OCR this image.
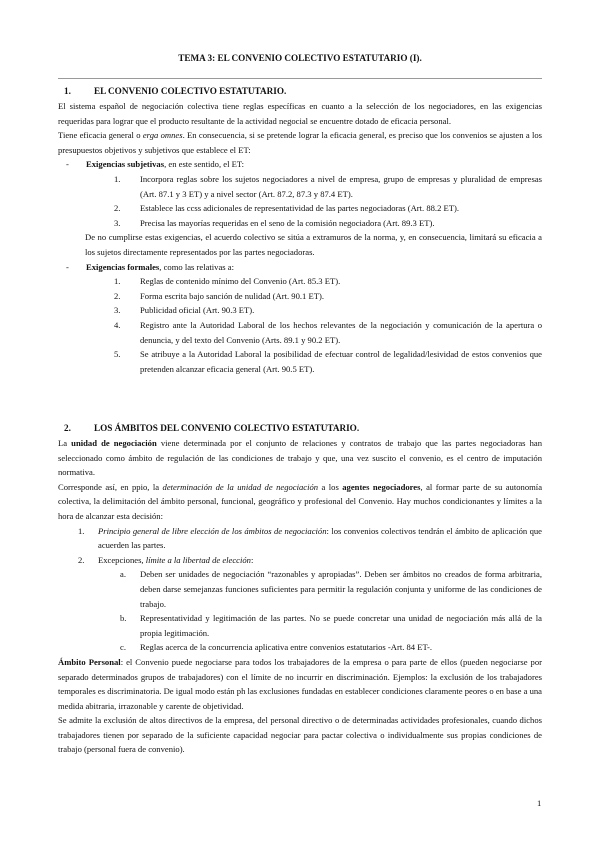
TEMA 3: EL CONVENIO COLECTIVO ESTATUTARIO (I).
1.	EL CONVENIO COLECTIVO ESTATUTARIO.

El sistema español de negociación colectiva tiene reglas específicas en cuanto a la selección de los negociadores, en las exigencias requeridas para lograr que el producto resultante de la actividad negocial se encuentre dotado de eficacia personal.

Tiene eficacia general o erga omnes. En consecuencia, si se pretende lograr la eficacia general, es preciso que los convenios se ajusten a los presupuestos objetivos y subjetivos que establece el ET:

- Exigencias subjetivas, en este sentido, el ET:

1. Incorpora reglas sobre los sujetos negociadores a nivel de empresa, grupo de empresas y pluralidad de empresas (Art. 87.1 y 3 ET) y a nivel sector (Art. 87.2, 87.3 y 87.4 ET).

2. Establece las ccss adicionales de representatividad de las partes negociadoras (Art. 88.2 ET).

3. Precisa las mayorías requeridas en el seno de la comisión negociadora (Art. 89.3 ET).

De no cumplirse estas exigencias, el acuerdo colectivo se sitúa a extramuros de la norma, y, en consecuencia, limitará su eficacia a los sujetos directamente representados por las partes negociadoras.

- Exigencias formales, como las relativas a:

1. Reglas de contenido mínimo del Convenio (Art. 85.3 ET).

2. Forma escrita bajo sanción de nulidad (Art. 90.1 ET).

3. Publicidad oficial (Art. 90.3 ET).

4. Registro ante la Autoridad Laboral de los hechos relevantes de la negociación y comunicación de la apertura o denuncia, y del texto del Convenio (Arts. 89.1 y 90.2 ET).

5. Se atribuye a la Autoridad Laboral la posibilidad de efectuar control de legalidad/lesividad de estos convenios que pretenden alcanzar eficacia general (Art. 90.5 ET).

2.	LOS ÁMBITOS DEL CONVENIO COLECTIVO ESTATUTARIO.

La unidad de negociación viene determinada por el conjunto de relaciones y contratos de trabajo que las partes negociadoras han seleccionado como ámbito de regulación de las condiciones de trabajo y que, una vez suscito el convenio, es el centro de imputación normativa.

Corresponde así, en ppio, la determinación de la unidad de negociación a los agentes negociadores, al formar parte de su autonomía colectiva, la delimitación del ámbito personal, funcional, geográfico y profesional del Convenio. Hay muchos condicionantes y límites a la hora de alcanzar esta decisión:

1. Principio general de libre elección de los ámbitos de negociación: los convenios colectivos tendrán el ámbito de aplicación que acuerden las partes.

2. Excepciones, límite a la libertad de elección:

a. Deben ser unidades de negociación “razonables y apropiadas”. Deben ser ámbitos no creados de forma arbitraria, deben darse semejanzas funciones suficientes para permitir la regulación conjunta y uniforme de las condiciones de trabajo.

b. Representatividad y legitimación de las partes. No se puede concretar una unidad de negociación más allá de la propia legitimación.

c. Reglas acerca de la concurrencia aplicativa entre convenios estatutarios -Art. 84 ET-.

Ámbito Personal: el Convenio puede negociarse para todos los trabajadores de la empresa o para parte de ellos (pueden negociarse por separado determinados grupos de trabajadores) con el límite de no incurrir en discriminación. Ejemplos: la exclusión de los trabajadores temporales es discriminatoria. De igual modo están ph las exclusiones fundadas en establecer condiciones claramente peores o en base a una medida abitraria, irrazonable y carente de objetividad.

Se admite la exclusión de altos directivos de la empresa, del personal directivo o de determinadas actividades profesionales, cuando dichos trabajadores tienen por separado de la suficiente capacidad negociar para pactar colectiva o individualmente sus propias condiciones de trabajo (personal fuera de convenio).

1
